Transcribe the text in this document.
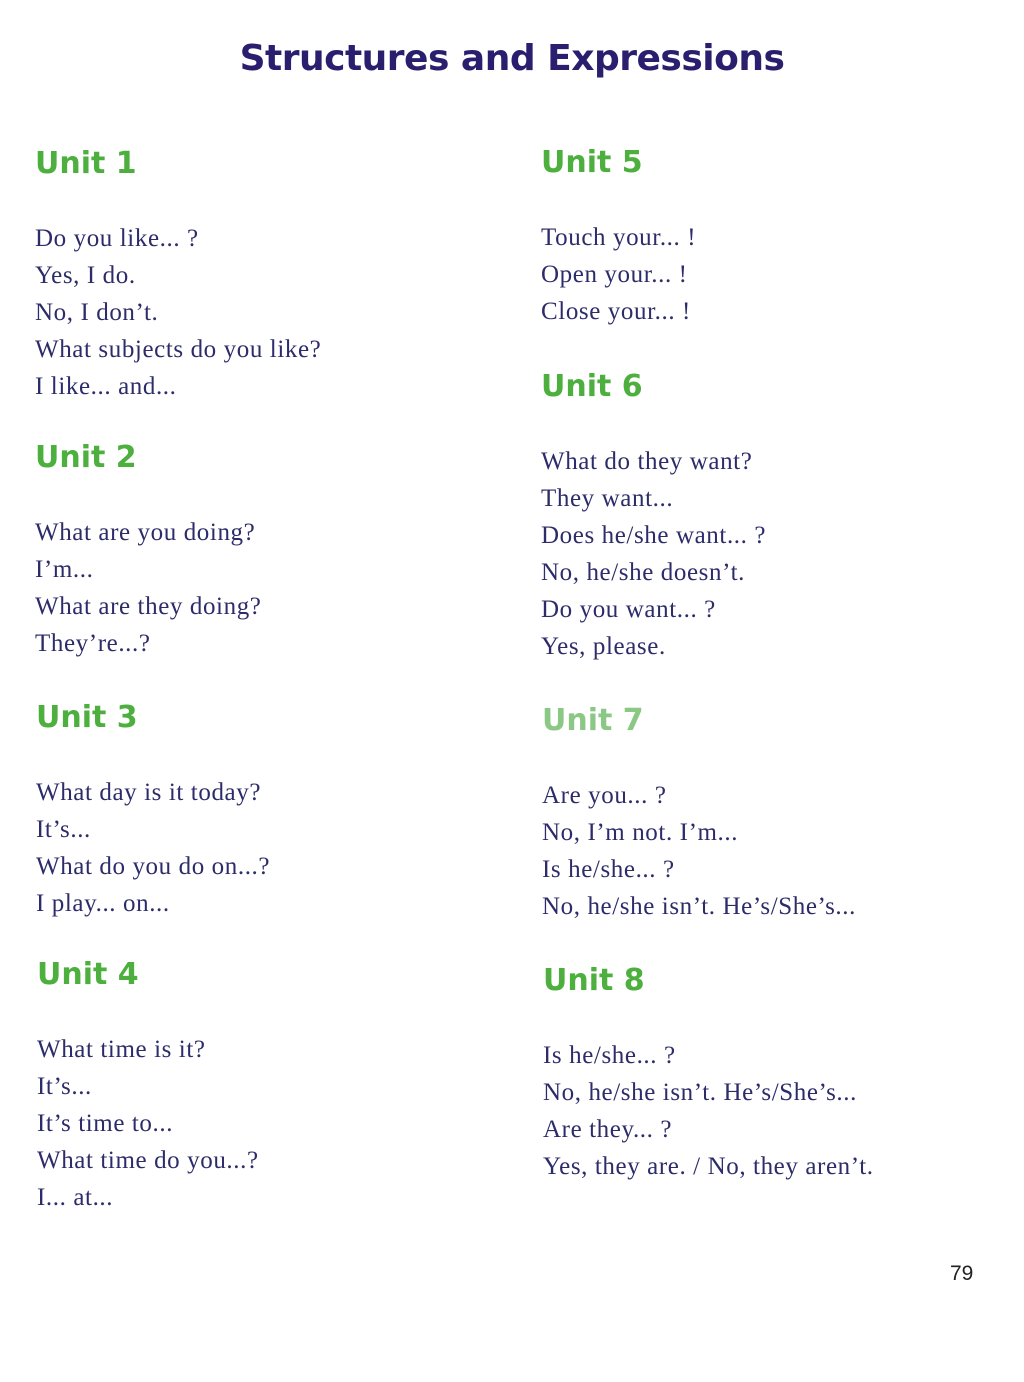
Structures and Expressions
Unit 1

Do you like... ?

Yes, I do.

No, I don’t.

What subjects do you like?

I like... and...

Unit 2

What are you doing?

I’m...

What are they doing?

They’re...?

Unit 3

What day is it today?

It’s...

What do you do on...?

I play... on...

Unit 4

What time is it?

It’s...

It’s time to...

What time do you...?

I... at...

Unit 5

Touch your... !

Open your... !

Close your... !

Unit 6

What do they want?

They want...

Does he/she want... ?

No, he/she doesn’t.

Do you want... ?

Yes, please.

Unit 7

Are you... ?

No, I’m not. I’m...

Is he/she... ?

No, he/she isn’t. He’s/She’s...

Unit 8

Is he/she... ?

No, he/she isn’t. He’s/She’s...

Are they... ?

Yes, they are. / No, they aren’t.

79
